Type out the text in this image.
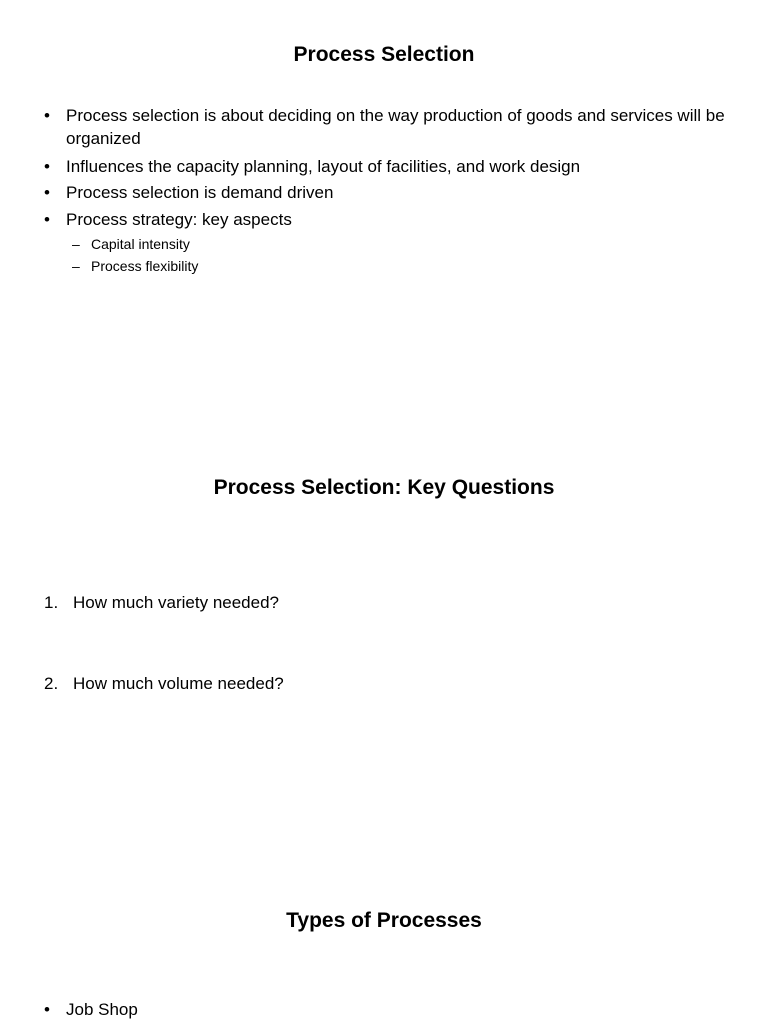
Process Selection
• Process selection is about deciding on the way production of goods and services will be organized
• Influences the capacity planning, layout of facilities, and work design
• Process selection is demand driven
• Process strategy: key aspects
– Capital intensity
– Process flexibility
Process Selection: Key Questions
1. How much variety needed?
2. How much volume needed?
Types of Processes
• Job Shop
